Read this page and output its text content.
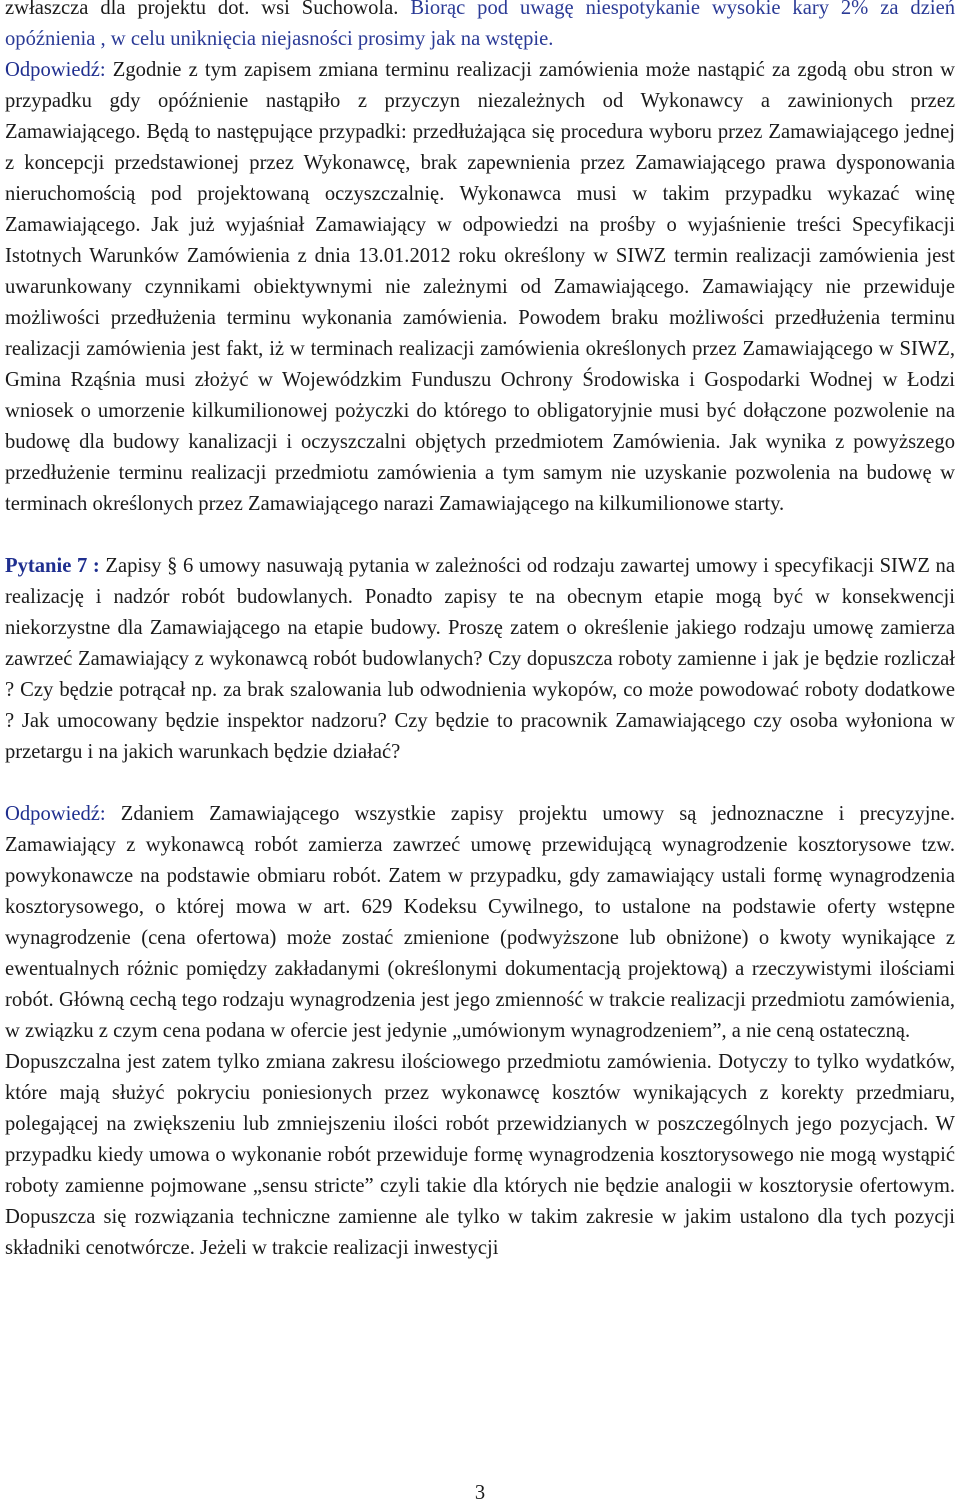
zwłaszcza dla projektu dot. wsi Suchowola. Biorąc pod uwagę niespotykanie wysokie kary 2% za dzień opóźnienia , w celu uniknięcia niejasności prosimy jak na wstępie.

Odpowiedź: Zgodnie z tym zapisem zmiana terminu realizacji zamówienia może nastąpić za zgodą obu stron w przypadku gdy opóźnienie nastąpiło z przyczyn niezależnych od Wykonawcy a zawinionych przez Zamawiającego. Będą to następujące przypadki: przedłużająca się procedura wyboru przez Zamawiającego jednej z koncepcji przedstawionej przez Wykonawcę, brak zapewnienia przez Zamawiającego prawa dysponowania nieruchomością pod projektowaną oczyszczalnię. Wykonawca musi w takim przypadku wykazać winę Zamawiającego. Jak już wyjaśniał Zamawiający w odpowiedzi na prośby o wyjaśnienie treści Specyfikacji Istotnych Warunków Zamówienia z dnia 13.01.2012 roku określony w SIWZ termin realizacji zamówienia jest uwarunkowany czynnikami obiektywnymi nie zależnymi od Zamawiającego. Zamawiający nie przewiduje możliwości przedłużenia terminu wykonania zamówienia. Powodem braku możliwości przedłużenia terminu realizacji zamówienia jest fakt, iż w terminach realizacji zamówienia określonych przez Zamawiającego w SIWZ, Gmina Rząśnia musi złożyć w Wojewódzkim Funduszu Ochrony Środowiska i Gospodarki Wodnej w Łodzi wniosek o umorzenie kilkumilionowej pożyczki do którego to obligatoryjnie musi być dołączone pozwolenie na budowę dla budowy kanalizacji i oczyszczalni objętych przedmiotem Zamówienia. Jak wynika z powyższego przedłużenie terminu realizacji przedmiotu zamówienia a tym samym nie uzyskanie pozwolenia na budowę w terminach określonych przez Zamawiającego narazi Zamawiającego na kilkumilionowe starty.

Pytanie 7 : Zapisy § 6 umowy nasuwają pytania w zależności od rodzaju zawartej umowy i specyfikacji SIWZ na realizację i nadzór robót budowlanych. Ponadto zapisy te na obecnym etapie mogą być w konsekwencji niekorzystne dla Zamawiającego na etapie budowy. Proszę zatem o określenie jakiego rodzaju umowę zamierza zawrzeć Zamawiający z wykonawcą robót budowlanych? Czy dopuszcza roboty zamienne i jak je będzie rozliczał ? Czy będzie potrącał np. za brak szalowania lub odwodnienia wykopów, co może powodować roboty dodatkowe ? Jak umocowany będzie inspektor nadzoru? Czy będzie to pracownik Zamawiającego czy osoba wyłoniona w przetargu i na jakich warunkach będzie działać?

Odpowiedź: Zdaniem Zamawiającego wszystkie zapisy projektu umowy są jednoznaczne i precyzyjne. Zamawiający z wykonawcą robót zamierza zawrzeć umowę przewidującą wynagrodzenie kosztorysowe tzw. powykonawcze na podstawie obmiaru robót. Zatem w przypadku, gdy zamawiający ustali formę wynagrodzenia kosztorysowego, o której mowa w art. 629 Kodeksu Cywilnego, to ustalone na podstawie oferty wstępne wynagrodzenie (cena ofertowa) może zostać zmienione (podwyższone lub obniżone) o kwoty wynikające z ewentualnych różnic pomiędzy zakładanymi (określonymi dokumentacją projektową) a rzeczywistymi ilościami robót. Główną cechą tego rodzaju wynagrodzenia jest jego zmienność w trakcie realizacji przedmiotu zamówienia, w związku z czym cena podana w ofercie jest jedynie „umówionym wynagrodzeniem”, a nie ceną ostateczną.

Dopuszczalna jest zatem tylko zmiana zakresu ilościowego przedmiotu zamówienia. Dotyczy to tylko wydatków, które mają służyć pokryciu poniesionych przez wykonawcę kosztów wynikających z korekty przedmiaru, polegającej na zwiększeniu lub zmniejszeniu ilości robót przewidzianych w poszczególnych jego pozycjach. W przypadku kiedy umowa o wykonanie robót przewiduje formę wynagrodzenia kosztorysowego nie mogą wystąpić roboty zamienne pojmowane „sensu stricte” czyli takie dla których nie będzie analogii w kosztorysie ofertowym. Dopuszcza się rozwiązania techniczne zamienne ale tylko w takim zakresie w jakim ustalono dla tych pozycji składniki cenotwórcze. Jeżeli w trakcie realizacji inwestycji

3
